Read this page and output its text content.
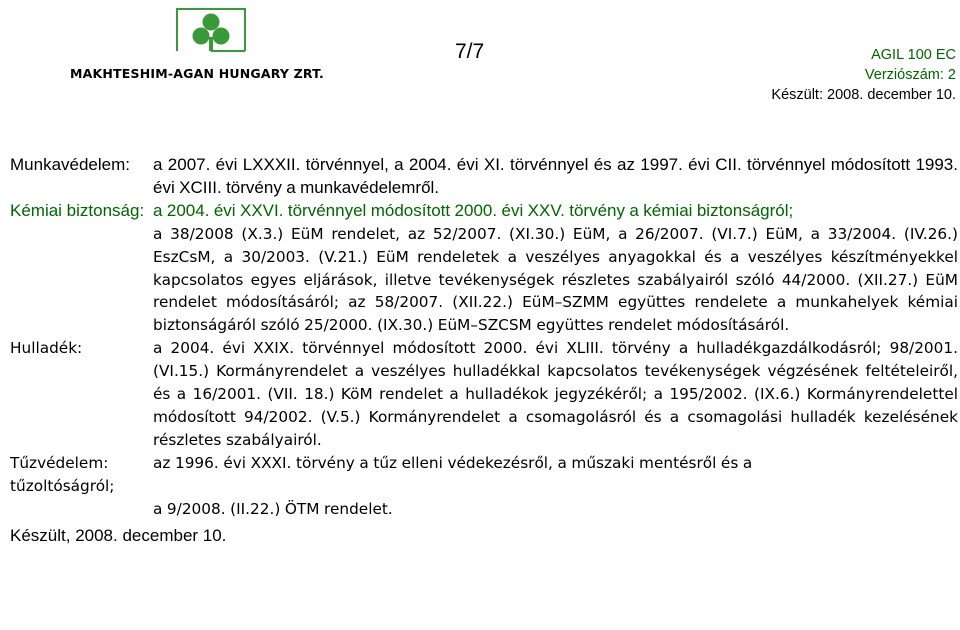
MAKHTESHIM-AGAN HUNGARY ZRT.
7/7	AGIL 100 EC
Verziószám: 2
Készült: 2008. december 10.
Munkavédelem:	a 2007. évi LXXXII. törvénnyel, a 2004. évi XI. törvénnyel és az 1997. évi CII. törvénnyel módosított 1993. évi XCIII. törvény a munkavédelemről.
Kémiai biztonság: a 2004. évi XXVI. törvénnyel módosított 2000. évi XXV. törvény a kémiai biztonságról;
a 38/2008 (X.3.) EüM rendelet, az 52/2007. (XI.30.) EüM, a 26/2007. (VI.7.) EüM, a 33/2004. (IV.26.) EszCsM, a 30/2003. (V.21.) EüM rendeletek a veszélyes anyagokkal és a veszélyes készítményekkel kapcsolatos egyes eljárások, illetve tevékenységek részletes szabályairól szóló 44/2000. (XII.27.) EüM rendelet módosításáról; az 58/2007. (XII.22.) EüM–SZMM együttes rendelete a munkahelyek kémiai biztonságáról szóló 25/2000. (IX.30.) EüM–SZCSM együttes rendelet módosításáról.
Hulladék:	a 2004. évi XXIX. törvénnyel módosított 2000. évi XLIII. törvény a hulladékgazdálkodásról; 98/2001.(VI.15.) Kormányrendelet a veszélyes hulladékkal kapcsolatos tevékenységek végzésének feltételeiről, és a 16/2001. (VII. 18.) KöM rendelet a hulladékok jegyzékéről; a 195/2002. (IX.6.) Kormányrendelettel módosított 94/2002. (V.5.) Kormányrendelet a csomagolásról és a csomagolási hulladék kezelésének részletes szabályairól.
Tűzvédelem:	az 1996. évi XXXI. törvény a tűz elleni védekezésről, a műszaki mentésről és a
tűzoltóságról;
a 9/2008. (II.22.) ÖTM rendelet.
Készült, 2008. december 10.
